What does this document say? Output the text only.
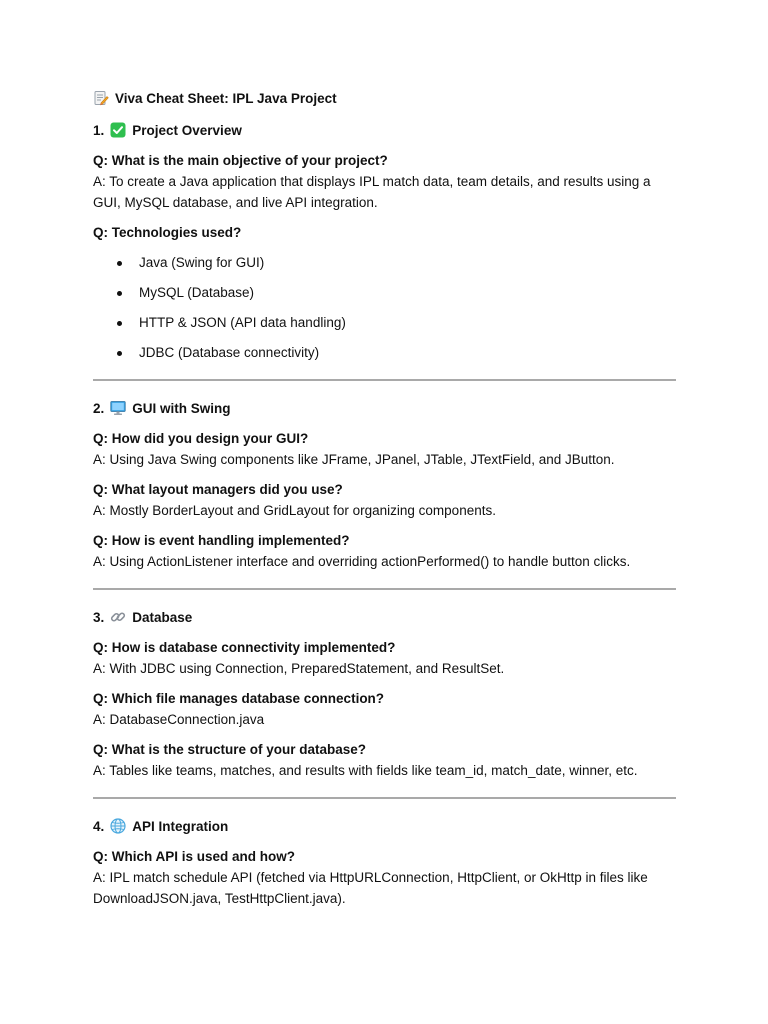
Viva Cheat Sheet: IPL Java Project
1. Project Overview
Q: What is the main objective of your project?
A: To create a Java application that displays IPL match data, team details, and results using a GUI, MySQL database, and live API integration.
Q: Technologies used?
Java (Swing for GUI)
MySQL (Database)
HTTP & JSON (API data handling)
JDBC (Database connectivity)
2. GUI with Swing
Q: How did you design your GUI?
A: Using Java Swing components like JFrame, JPanel, JTable, JTextField, and JButton.
Q: What layout managers did you use?
A: Mostly BorderLayout and GridLayout for organizing components.
Q: How is event handling implemented?
A: Using ActionListener interface and overriding actionPerformed() to handle button clicks.
3. Database
Q: How is database connectivity implemented?
A: With JDBC using Connection, PreparedStatement, and ResultSet.
Q: Which file manages database connection?
A: DatabaseConnection.java
Q: What is the structure of your database?
A: Tables like teams, matches, and results with fields like team_id, match_date, winner, etc.
4. API Integration
Q: Which API is used and how?
A: IPL match schedule API (fetched via HttpURLConnection, HttpClient, or OkHttp in files like DownloadJSON.java, TestHttpClient.java).
